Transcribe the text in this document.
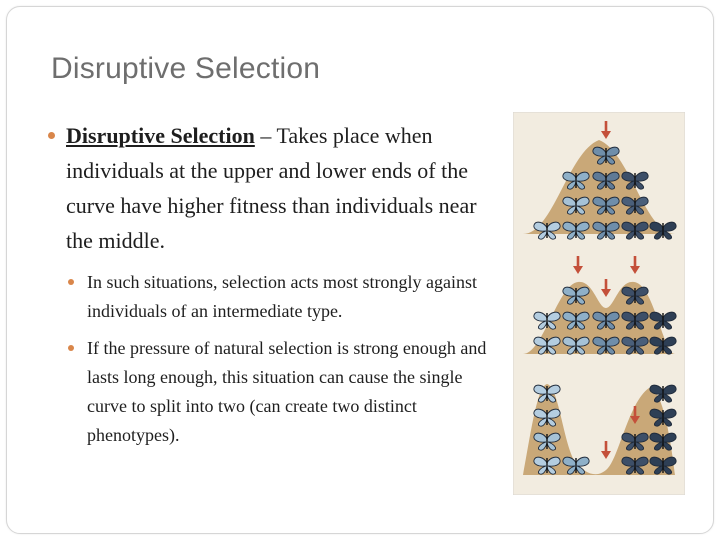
Disruptive Selection
Disruptive Selection – Takes place when individuals at the upper and lower ends of the curve have higher fitness than individuals near the middle.
In such situations, selection acts most strongly against individuals of an intermediate type.
If the pressure of natural selection is strong enough and lasts long enough, this situation can cause the single curve to split into two (can create two distinct phenotypes).
